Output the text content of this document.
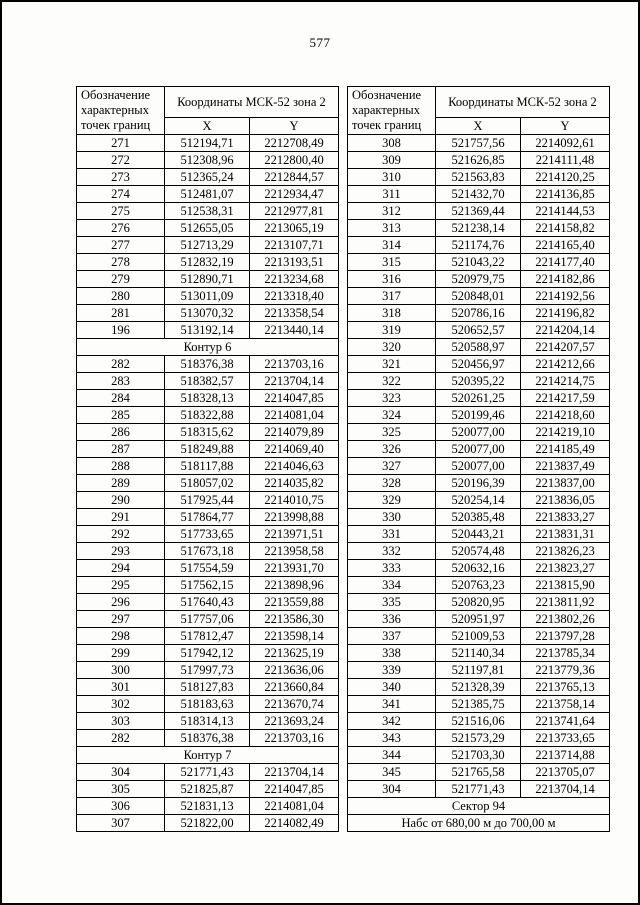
577
Обозначение характерных точек границ	Координаты МСК-52 зона 2	
	X	Y
271	512194,71	2212708,49
272	512308,96	2212800,40
273	512365,24	2212844,57
274	512481,07	2212934,47
275	512538,31	2212977,81
276	512655,05	2213065,19
277	512713,29	2213107,71
278	512832,19	2213193,51
279	512890,71	2213234,68
280	513011,09	2213318,40
281	513070,32	2213358,54
196	513192,14	2213440,14
Контур 6		
282	518376,38	2213703,16
283	518382,57	2213704,14
284	518328,13	2214047,85
285	518322,88	2214081,04
286	518315,62	2214079,89
287	518249,88	2214069,40
288	518117,88	2214046,63
289	518057,02	2214035,82
290	517925,44	2214010,75
291	517864,77	2213998,88
292	517733,65	2213971,51
293	517673,18	2213958,58
294	517554,59	2213931,70
295	517562,15	2213898,96
296	517640,43	2213559,88
297	517757,06	2213586,30
298	517812,47	2213598,14
299	517942,12	2213625,19
300	517997,73	2213636,06
301	518127,83	2213660,84
302	518183,63	2213670,74
303	518314,13	2213693,24
282	518376,38	2213703,16
Контур 7		
304	521771,43	2213704,14
305	521825,87	2214047,85
306	521831,13	2214081,04
307	521822,00	2214082,49
Обозначение характерных точек границ	Координаты МСК-52 зона 2	
	X	Y
308	521757,56	2214092,61
309	521626,85	2214111,48
310	521563,83	2214120,25
311	521432,70	2214136,85
312	521369,44	2214144,53
313	521238,14	2214158,82
314	521174,76	2214165,40
315	521043,22	2214177,40
316	520979,75	2214182,86
317	520848,01	2214192,56
318	520786,16	2214196,82
319	520652,57	2214204,14
320	520588,97	2214207,57
321	520456,97	2214212,66
322	520395,22	2214214,75
323	520261,25	2214217,59
324	520199,46	2214218,60
325	520077,00	2214219,10
326	520077,00	2214185,49
327	520077,00	2213837,49
328	520196,39	2213837,00
329	520254,14	2213836,05
330	520385,48	2213833,27
331	520443,21	2213831,31
332	520574,48	2213826,23
333	520632,16	2213823,27
334	520763,23	2213815,90
335	520820,95	2213811,92
336	520951,97	2213802,26
337	521009,53	2213797,28
338	521140,34	2213785,34
339	521197,81	2213779,36
340	521328,39	2213765,13
341	521385,75	2213758,14
342	521516,06	2213741,64
343	521573,29	2213733,65
344	521703,30	2213714,88
345	521765,58	2213705,07
304	521771,43	2213704,14
Сектор 94		
Набс от 680,00 м до 700,00 м		
